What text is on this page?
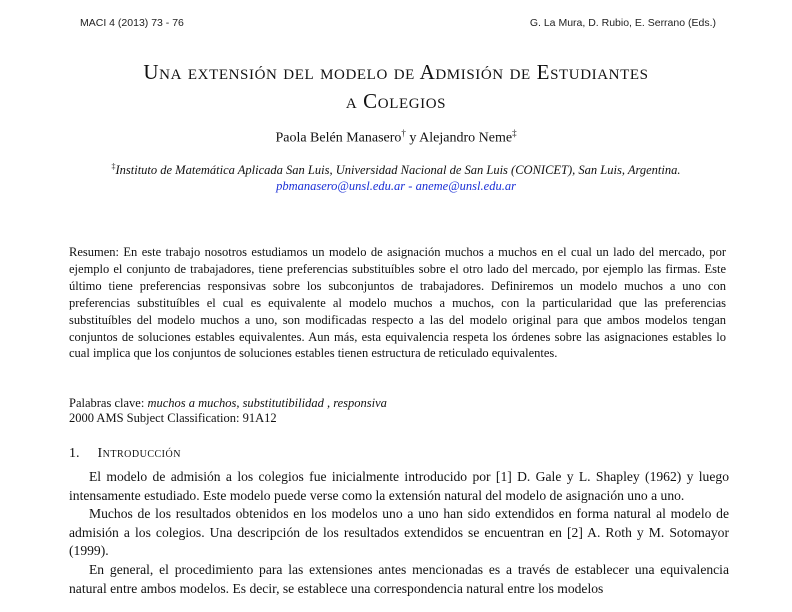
MACI 4 (2013) 73 - 76	G. La Mura, D. Rubio, E. Serrano (Eds.)
Una extensión del modelo de Admisión de Estudiantes
a Colegios
Paola Belén Manasero† y Alejandro Neme‡
‡Instituto de Matemática Aplicada San Luis, Universidad Nacional de San Luis (CONICET), San Luis, Argentina.
pbmanasero@unsl.edu.ar - aneme@unsl.edu.ar
Resumen: En este trabajo nosotros estudiamos un modelo de asignación muchos a muchos en el cual un lado del mercado, por ejemplo el conjunto de trabajadores, tiene preferencias substituíbles sobre el otro lado del mercado, por ejemplo las firmas. Este último tiene preferencias responsivas sobre los subconjuntos de trabajadores. Definiremos un modelo muchos a uno con preferencias substituíbles el cual es equivalente al modelo muchos a muchos, con la particularidad que las preferencias substituíbles del modelo muchos a uno, son modificadas respecto a las del modelo original para que ambos modelos tengan conjuntos de soluciones estables equivalentes. Aun más, esta equivalencia respeta los órdenes sobre las asignaciones estables lo cual implica que los conjuntos de soluciones estables tienen estructura de reticulado equivalentes.
Palabras clave: muchos a muchos, substitutibilidad , responsiva
2000 AMS Subject Classification: 91A12
1. Introducción

El modelo de admisión a los colegios fue inicialmente introducido por [1] D. Gale y L. Shapley (1962) y luego intensamente estudiado. Este modelo puede verse como la extensión natural del modelo de asignación uno a uno.

Muchos de los resultados obtenidos en los modelos uno a uno han sido extendidos en forma natural al modelo de admisión a los colegios. Una descripción de los resultados extendidos se encuentran en [2] A. Roth y M. Sotomayor (1999).

En general, el procedimiento para las extensiones antes mencionadas es a través de establecer una equivalencia natural entre ambos modelos. Es decir, se establece una correspondencia natural entre los modelos
